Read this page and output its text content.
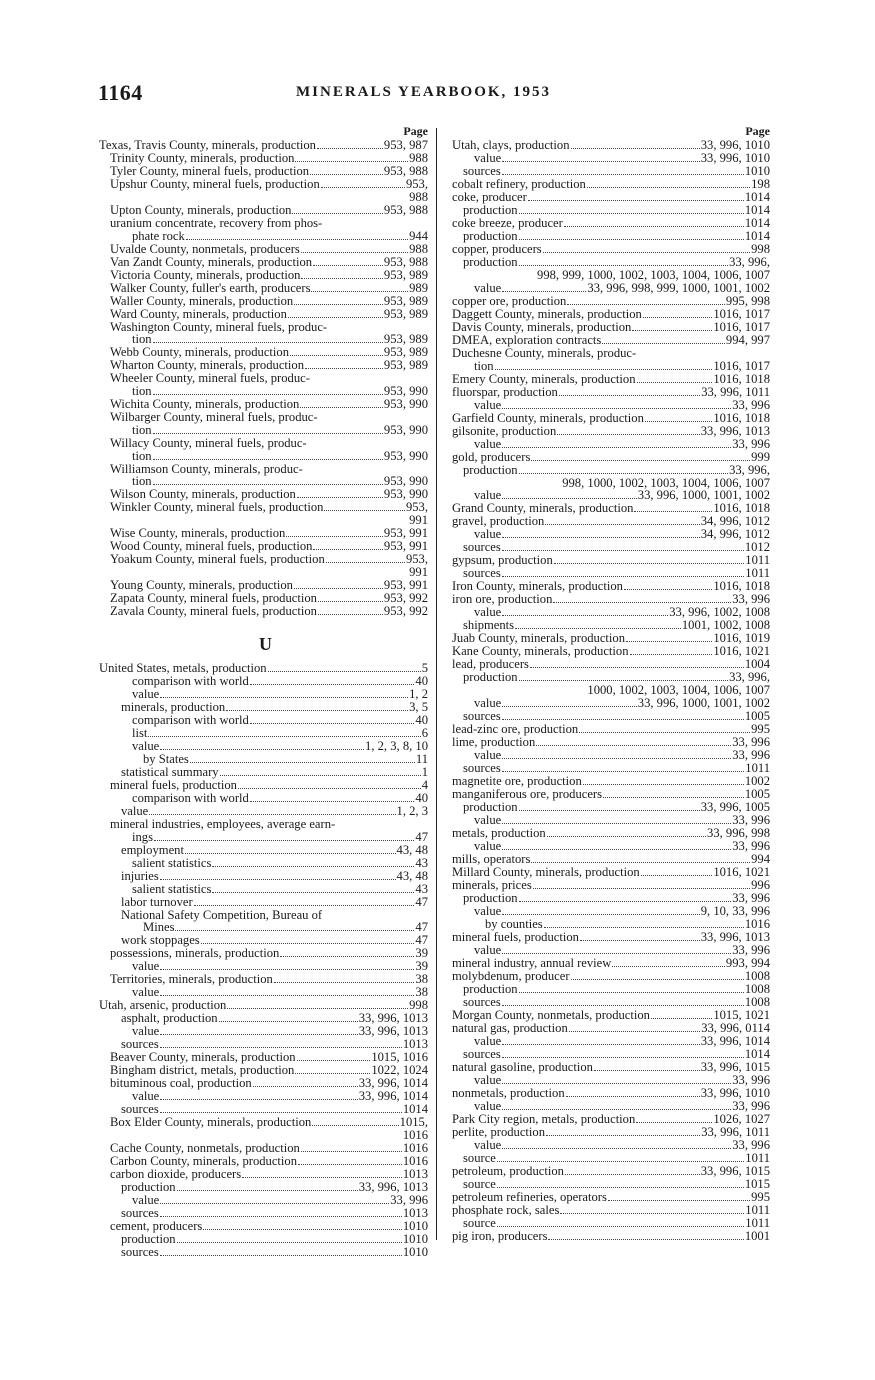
1164	MINERALS YEARBOOK, 1953
Page
Texas, Travis County, minerals, production	953, 987
Trinity County, minerals, production	988
Tyler County, mineral fuels, production	953, 988
Upshur County, mineral fuels, production	953,
988
Upton County, minerals, production	953, 988
uranium concentrate, recovery from phos-
phate rock	944
Uvalde County, nonmetals, producers	988
Van Zandt County, minerals, production	953, 988
Victoria County, minerals, production	953, 989
Walker County, fuller's earth, producers	989
Waller County, minerals, production	953, 989
Ward County, minerals, production	953, 989
Washington County, mineral fuels, produc-
tion	953, 989
Webb County, minerals, production	953, 989
Wharton County, minerals, production	953, 989
Wheeler County, mineral fuels, produc-
tion	953, 990
Wichita County, minerals, production	953, 990
Wilbarger County, mineral fuels, produc-
tion	953, 990
Willacy County, mineral fuels, produc-
tion	953, 990
Williamson County, minerals, produc-
tion	953, 990
Wilson County, minerals, production	953, 990
Winkler County, mineral fuels, production	953,
991
Wise County, minerals, production	953, 991
Wood County, mineral fuels, production	953, 991
Yoakum County, mineral fuels, production	953,
991
Young County, minerals, production	953, 991
Zapata County, mineral fuels, production	953, 992
Zavala County, mineral fuels, production	953, 992
U
United States, metals, production	5
comparison with world	40
value	1, 2
minerals, production	3, 5
comparison with world	40
list	6
value	1, 2, 3, 8, 10
by States	11
statistical summary	1
mineral fuels, production	4
comparison with world	40
value	1, 2, 3
mineral industries, employees, average earn-
ings	47
employment	43, 48
salient statistics	43
injuries	43, 48
salient statistics	43
labor turnover	47
National Safety Competition, Bureau of
Mines	47
work stoppages	47
possessions, minerals, production	39
value	39
Territories, minerals, production	38
value	38
Utah, arsenic, production	998
asphalt, production	33, 996, 1013
value	33, 996, 1013
sources	1013
Beaver County, minerals, production	1015, 1016
Bingham district, metals, production	1022, 1024
bituminous coal, production	33, 996, 1014
value	33, 996, 1014
sources	1014
Box Elder County, minerals, production	1015,
1016
Cache County, nonmetals, production	1016
Carbon County, minerals, production	1016
carbon dioxide, producers	1013
production	33, 996, 1013
value	33, 996
sources	1013
cement, producers	1010
production	1010
sources	1010
Page
Utah, clays, production	33, 996, 1010
value	33, 996, 1010
sources	1010
cobalt refinery, production	198
coke, producer	1014
production	1014
coke breeze, producer	1014
production	1014
copper, producers	998
production	33, 996,
998, 999, 1000, 1002, 1003, 1004, 1006, 1007
value	33, 996, 998, 999, 1000, 1001, 1002
copper ore, production	995, 998
Daggett County, minerals, production	1016, 1017
Davis County, minerals, production	1016, 1017
DMEA, exploration contracts	994, 997
Duchesne County, minerals, produc-
tion	1016, 1017
Emery County, minerals, production	1016, 1018
fluorspar, production	33, 996, 1011
value	33, 996
Garfield County, minerals, production	1016, 1018
gilsonite, production	33, 996, 1013
value	33, 996
gold, producers	999
production	33, 996,
998, 1000, 1002, 1003, 1004, 1006, 1007
value	33, 996, 1000, 1001, 1002
Grand County, minerals, production	1016, 1018
gravel, production	34, 996, 1012
value	34, 996, 1012
sources	1012
gypsum, production	1011
sources	1011
Iron County, minerals, production	1016, 1018
iron ore, production	33, 996
value	33, 996, 1002, 1008
shipments	1001, 1002, 1008
Juab County, minerals, production	1016, 1019
Kane County, minerals, production	1016, 1021
lead, producers	1004
production	33, 996,
1000, 1002, 1003, 1004, 1006, 1007
value	33, 996, 1000, 1001, 1002
sources	1005
lead-zinc ore, production	995
lime, production	33, 996
value	33, 996
sources	1011
magnetite ore, production	1002
manganiferous ore, producers	1005
production	33, 996, 1005
value	33, 996
metals, production	33, 996, 998
value	33, 996
mills, operators	994
Millard County, minerals, production	1016, 1021
minerals, prices	996
production	33, 996
value	9, 10, 33, 996
by counties	1016
mineral fuels, production	33, 996, 1013
value	33, 996
mineral industry, annual review	993, 994
molybdenum, producer	1008
production	1008
sources	1008
Morgan County, nonmetals, production	1015, 1021
natural gas, production	33, 996, 0114
value	33, 996, 1014
sources	1014
natural gasoline, production	33, 996, 1015
value	33, 996
nonmetals, production	33, 996, 1010
value	33, 996
Park City region, metals, production	1026, 1027
perlite, production	33, 996, 1011
value	33, 996
source	1011
petroleum, production	33, 996, 1015
source	1015
petroleum refineries, operators	995
phosphate rock, sales	1011
source	1011
pig iron, producers	1001
